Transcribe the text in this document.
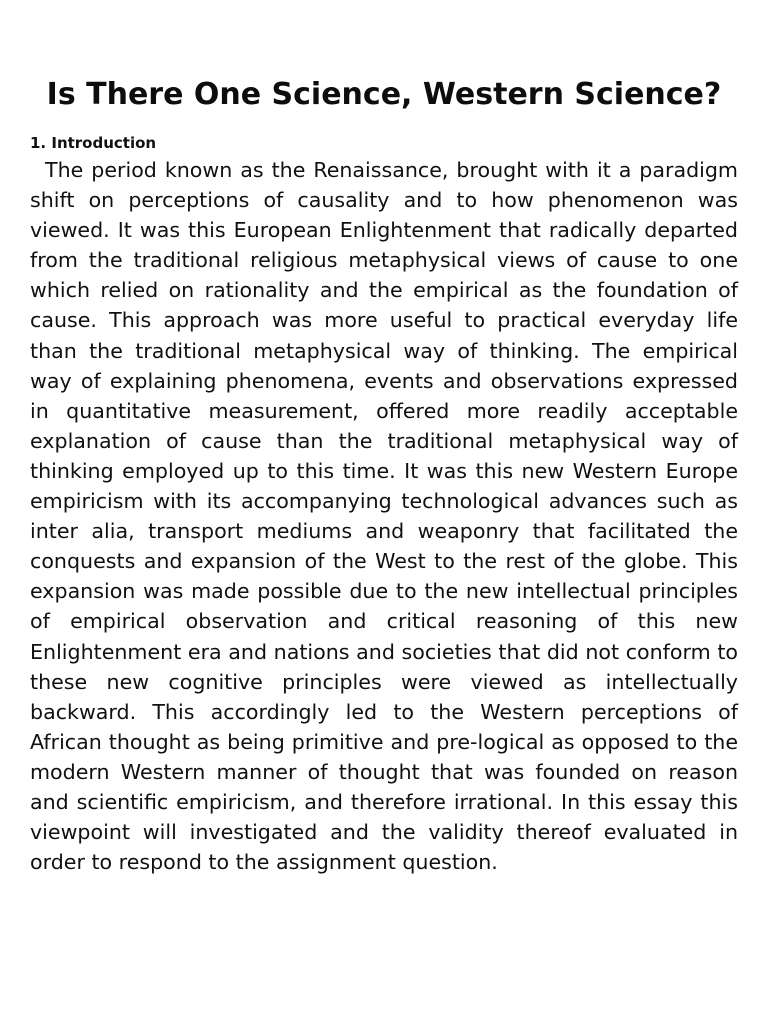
Is There One Science, Western Science?
1. Introduction

The period known as the Renaissance, brought with it a paradigm shift on perceptions of causality and to how phenomenon was viewed. It was this European Enlightenment that radically departed from the traditional religious metaphysical views of cause to one which relied on rationality and the empirical as the foundation of cause. This approach was more useful to practical everyday life than the traditional metaphysical way of thinking. The empirical way of explaining phenomena, events and observations expressed in quantitative measurement, offered more readily acceptable explanation of cause than the traditional metaphysical way of thinking employed up to this time. It was this new Western Europe empiricism with its accompanying technological advances such as inter alia, transport mediums and weaponry that facilitated the conquests and expansion of the West to the rest of the globe. This expansion was made possible due to the new intellectual principles of empirical observation and critical reasoning of this new Enlightenment era and nations and societies that did not conform to these new cognitive principles were viewed as intellectually backward. This accordingly led to the Western perceptions of African thought as being primitive and pre-logical as opposed to the modern Western manner of thought that was founded on reason and scientific empiricism, and therefore irrational. In this essay this viewpoint will investigated and the validity thereof evaluated in order to respond to the assignment question.
